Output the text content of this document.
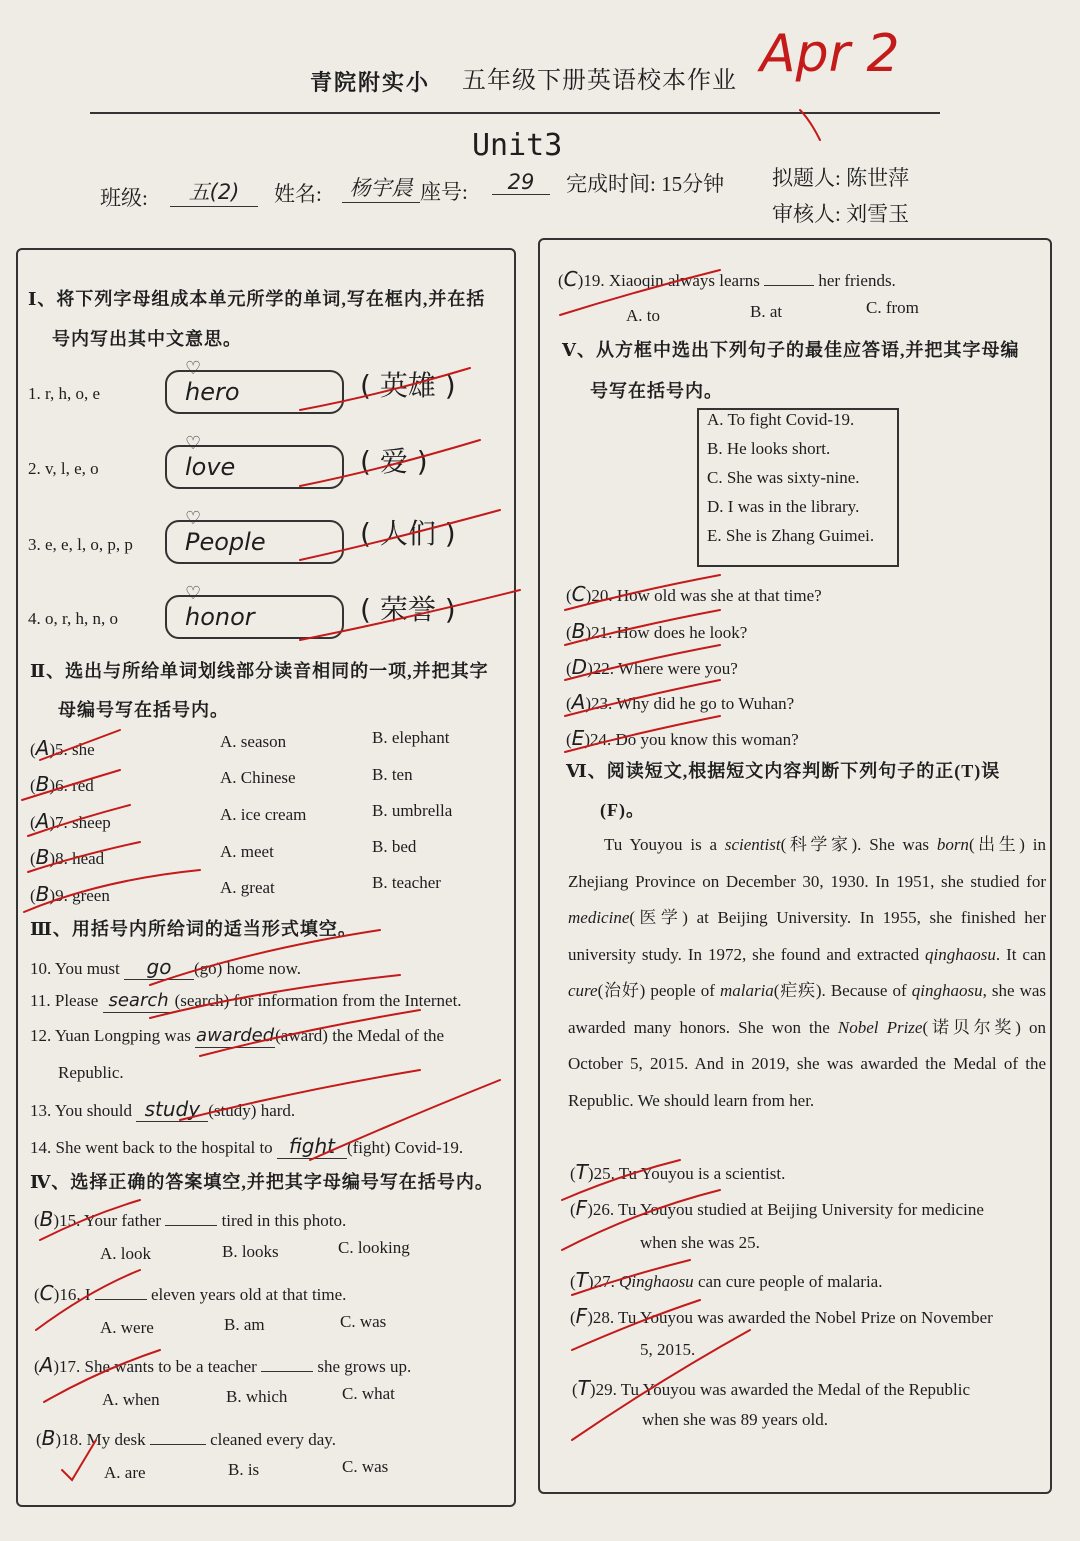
青院附实小 五年级下册英语校本作业 Apr 2
Unit3
班级:	五(2)	姓名:	杨宇晨 座号:	29	完成时间: 15分钟 拟题人: 陈世萍
审核人: 刘雪玉
Ⅰ、将下列字母组成本单元所学的单词,写在框内,并在括
号内写出其中文意思。
1. r, h, o, e
♡
hero	( 英雄 )
2. v, l, e, o
♡
love	( 爱 )
3. e, e, l, o, p, p
♡
People	( 人们 )
4. o, r, h, n, o
♡
honor	( 荣誉 )
Ⅱ、选出与所给单词划线部分读音相同的一项,并把其字
母编号写在括号内。
(A)5. she	A. season	B. elephant
(B)6. red	A. Chinese	B. ten
(A)7. sheep	A. ice cream	B. umbrella
(B)8. head	A. meet	B. bed
(B)9. green	A. great	B. teacher
Ⅲ、用括号内所给词的适当形式填空。
10. You must go (go) home now.
11. Please search (search) for information from the Internet.
12. Yuan Longping was awarded(award) the Medal of the
Republic.
13. You should study (study) hard.
14. She went back to the hospital to fight (fight) Covid-19.
Ⅳ、选择正确的答案填空,并把其字母编号写在括号内。
(B)15. Your father	tired in this photo.
A. look	B. looks	C. looking
(C)16. I	eleven years old at that time.
A. were	B. am	C. was
(A)17. She wants to be a teacher	she grows up.
A. when	B. which	C. what
(B)18. My desk	cleaned every day.
A. are	B. is	C. was
(C)19. Xiaoqin always learns	her friends.
A. to	B. at	C. from
Ⅴ、从方框中选出下列句子的最佳应答语,并把其字母编
号写在括号内。
A. To fight Covid-19.
B. He looks short.
C. She was sixty-nine.
D. I was in the library.
E. She is Zhang Guimei.
(C)20. How old was she at that time?
(B)21. How does he look?
(D)22. Where were you?
(A)23. Why did he go to Wuhan?
(E)24. Do you know this woman?
Ⅵ、阅读短文,根据短文内容判断下列句子的正(T)误
(F)。
Tu Youyou is a scientist(科学家). She was born(出生) in Zhejiang Province on December 30, 1930. In 1951, she studied for medicine(医学) at Beijing University. In 1955, she finished her university study. In 1972, she found and extracted qinghaosu. It can cure(治好) people of malaria(疟疾). Because of qinghaosu, she was awarded many honors. She won the Nobel Prize(诺贝尔奖) on October 5, 2015. And in 2019, she was awarded the Medal of the Republic. We should learn from her.
(T)25. Tu Youyou is a scientist.
(F)26. Tu Youyou studied at Beijing University for medicine
when she was 25.
(T)27. Qinghaosu can cure people of malaria.
(F)28. Tu Youyou was awarded the Nobel Prize on November
5, 2015.
(T)29. Tu Youyou was awarded the Medal of the Republic
when she was 89 years old.
